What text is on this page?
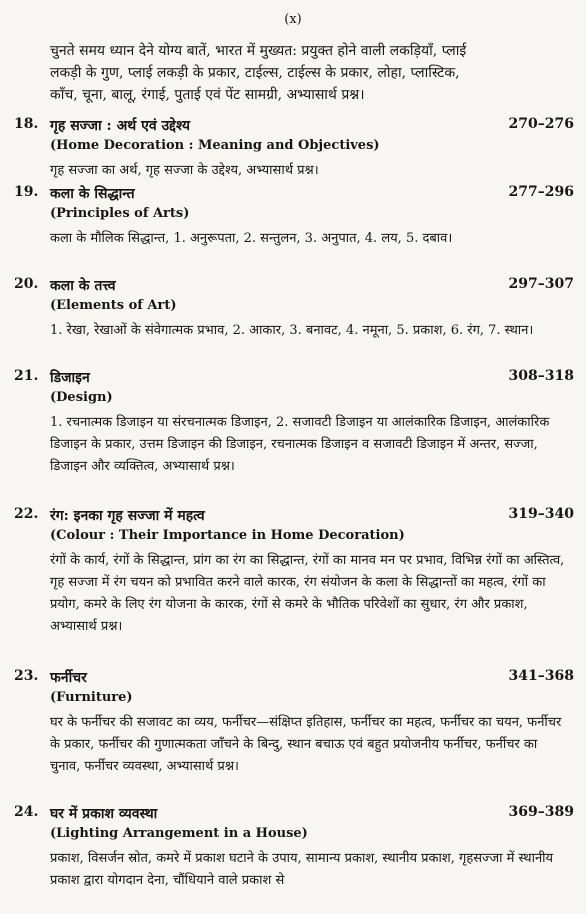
(x)
चुनते समय ध्यान देने योग्य बातें, भारत में मुख्यत: प्रयुक्त होने वाली लकड़ियाँ, प्लाई लकड़ी के गुण, प्लाई लकड़ी के प्रकार, टाईल्स, टाईल्स के प्रकार, लोहा, प्लास्टिक, काँच, चूना, बालू, रंगाई, पुताई एवं पेंट सामग्री, अभ्यासार्थ प्रश्न।
18. गृह सज्जा : अर्थ एवं उद्देश्य	270–276
(Home Decoration : Meaning and Objectives)
गृह सज्जा का अर्थ, गृह सज्जा के उद्देश्य, अभ्यासार्थ प्रश्न।
19. कला के सिद्धान्त	277–296
(Principles of Arts)
कला के मौलिक सिद्धान्त, 1. अनुरूपता, 2. सन्तुलन, 3. अनुपात, 4. लय, 5. दबाव।
20. कला के तत्त्व	297–307
(Elements of Art)
1. रेखा, रेखाओं के संवेगात्मक प्रभाव, 2. आकार, 3. बनावट, 4. नमूना, 5. प्रकाश, 6. रंग, 7. स्थान।
21. डिजाइन	308–318
(Design)
1. रचनात्मक डिजाइन या संरचनात्मक डिजाइन, 2. सजावटी डिजाइन या आलंकारिक डिजाइन, आलंकारिक डिजाइन के प्रकार, उत्तम डिजाइन की डिजाइन, रचनात्मक डिजाइन व सजावटी डिजाइन में अन्तर, सज्जा, डिजाइन और व्यक्तित्व, अभ्यासार्थ प्रश्न।
22. रंग: इनका गृह सज्जा में महत्व	319–340
(Colour : Their Importance in Home Decoration)
रंगों के कार्य, रंगों के सिद्धान्त, प्रांग का रंग का सिद्धान्त, रंगों का मानव मन पर प्रभाव, विभिन्न रंगों का अस्तित्व, गृह सज्जा में रंग चयन को प्रभावित करने वाले कारक, रंग संयोजन के कला के सिद्धान्तों का महत्व, रंगों का प्रयोग, कमरे के लिए रंग योजना के कारक, रंगों से कमरे के भौतिक परिवेशों का सुधार, रंग और प्रकाश, अभ्यासार्थ प्रश्न।
23. फर्नीचर	341–368
(Furniture)
घर के फर्नीचर की सजावट का व्यय, फर्नीचर—संक्षिप्त इतिहास, फर्नीचर का महत्व, फर्नीचर का चयन, फर्नीचर के प्रकार, फर्नीचर की गुणात्मकता जाँचने के बिन्दु, स्थान बचाऊ एवं बहुत प्रयोजनीय फर्नीचर, फर्नीचर का चुनाव, फर्नीचर व्यवस्था, अभ्यासार्थ प्रश्न।
24. घर में प्रकाश व्यवस्था	369–389
(Lighting Arrangement in a House)
प्रकाश, विसर्जन स्रोत, कमरे में प्रकाश घटाने के उपाय, सामान्य प्रकाश, स्थानीय प्रकाश, गृहसज्जा में स्थानीय प्रकाश द्वारा योगदान देना, चौंधियाने वाले प्रकाश से
